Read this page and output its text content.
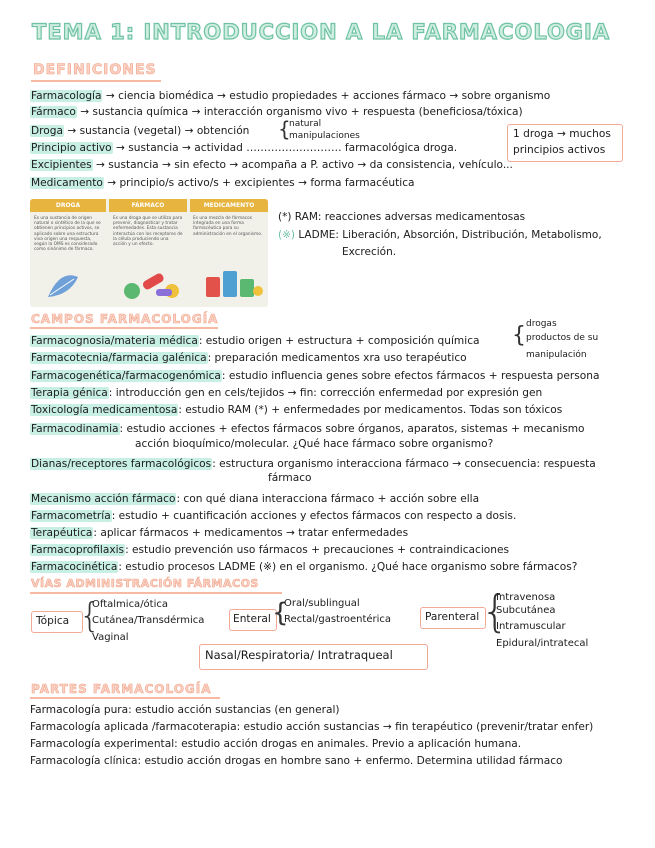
TEMA 1: INTRODUCCION A LA FARMACOLOGIA
DEFINICIONES
Farmacología → ciencia biomédica → estudio propiedades + acciones fármaco → sobre organismo
Fármaco → sustancia química → interacción organismo vivo + respuesta (beneficiosa/tóxica)
Droga → sustancia (vegetal) → obtención {
natural
manipulaciones
Principio activo → sustancia → actividad ……………………… farmacológica droga.
Excipientes → sustancia → sin efecto → acompaña a P. activo → da consistencia, vehículo...
Medicamento → principio/s activo/s + excipientes → forma farmacéutica
1 droga → muchos
principios activos
DROGA	FÁRMACO	MEDICAMENTO
Es una sustancia de origen natural o sintético de la que se obtienen principios activos, se aplicado sobre una estructura viva origen una respuesta, según la OMS es considerado como sinónimo de fármaco.
Es una droga que se utiliza para prevenir, diagnosticar y tratar enfermedades. Esta sustancia interactúa con los receptores de la célula produciendo una acción y un efecto.
Es una mezcla de fármacos integrada en una forma farmacéutica para su administración en el organismo.
(*) RAM: reacciones adversas medicamentosas
(※) LADME: Liberación, Absorción, Distribución, Metabolismo,
Excreción.
CAMPOS FARMACOLOGÍA
Farmacognosia/materia médica: estudio origen + estructura + composición química { drogas
productos de su
manipulación
Farmacotecnia/farmacia galénica: preparación medicamentos xra uso terapéutico
Farmacogenética/farmacogenómica: estudio influencia genes sobre efectos fármacos + respuesta persona
Terapia génica: introducción gen en cels/tejidos → fin: corrección enfermedad por expresión gen
Toxicología medicamentosa: estudio RAM (*) + enfermedades por medicamentos. Todas son tóxicos
Farmacodinamia: estudio acciones + efectos fármacos sobre órganos, aparatos, sistemas + mecanismo
acción bioquímico/molecular. ¿Qué hace fármaco sobre organismo?
Dianas/receptores farmacológicos: estructura organismo interacciona fármaco → consecuencia: respuesta
fármaco
Mecanismo acción fármaco: con qué diana interacciona fármaco + acción sobre ella
Farmacometría: estudio + cuantificación acciones y efectos fármacos con respecto a dosis.
Terapéutica: aplicar fármacos + medicamentos → tratar enfermedades
Farmacoprofilaxis: estudio prevención uso fármacos + precauciones + contraindicaciones
Farmacocinética: estudio procesos LADME (※) en el organismo. ¿Qué hace organismo sobre fármacos?
VÍAS ADMINISTRACIÓN FÁRMACOS
Tópica {
Oftalmica/ótica
Cutánea/Transdérmica
Vaginal
Enteral {
Oral/sublingual
Rectal/gastroentérica	Parenteral {
Intravenosa
Subcutánea
Intramuscular
Epidural/intratecal
Nasal/Respiratoria/ Intratraqueal
PARTES FARMACOLOGÍA
Farmacología pura: estudio acción sustancias (en general)
Farmacología aplicada /farmacoterapia: estudio acción sustancias → fin terapéutico (prevenir/tratar enfer)
Farmacología experimental: estudio acción drogas en animales. Previo a aplicación humana.
Farmacología clínica: estudio acción drogas en hombre sano + enfermo. Determina utilidad fármaco
